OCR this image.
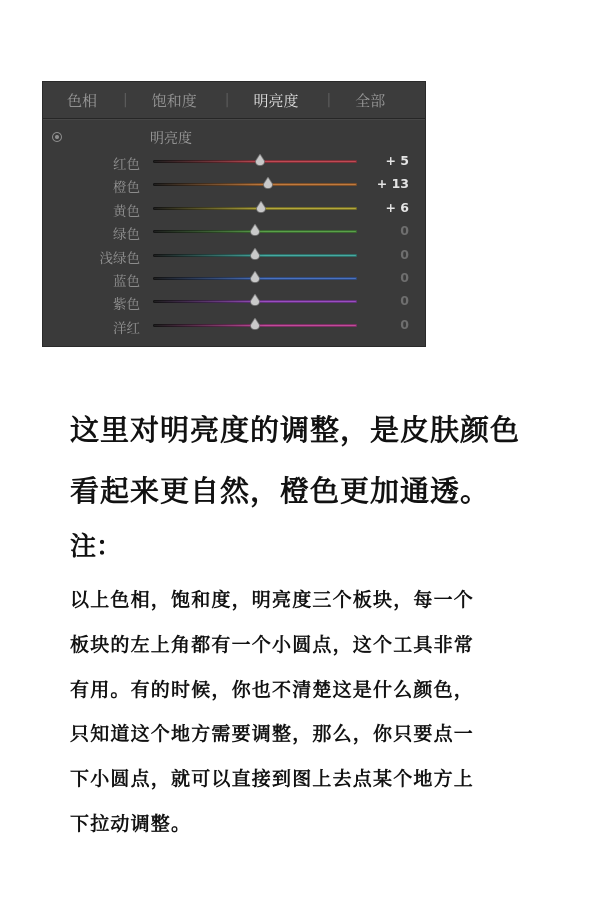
色相 | 饱和度 | 明亮度 | 全部
明亮度
红色	+ 5
橙色	+ 13
黄色	+ 6
绿色	0
浅绿色	0
蓝色	0
紫色	0
洋红	0
这里对明亮度的调整，是皮肤颜色
看起来更自然，橙色更加通透。
注：
以上色相，饱和度，明亮度三个板块，每一个
板块的左上角都有一个小圆点，这个工具非常
有用。有的时候，你也不清楚这是什么颜色，
只知道这个地方需要调整，那么，你只要点一
下小圆点，就可以直接到图上去点某个地方上
下拉动调整。
